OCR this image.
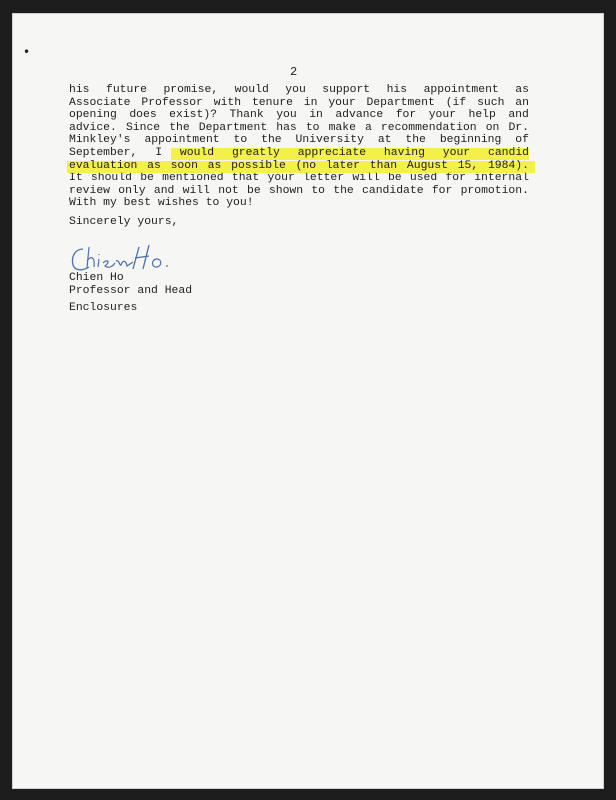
•
2
his future promise, would you support his appointment as
Associate Professor with tenure in your Department (if such an
opening does exist)? Thank you in advance for your help and
advice. Since the Department has to make a recommendation on Dr.
Minkley's appointment to the University at the beginning of
September, I would greatly appreciate having your candid
evaluation as soon as possible (no later than August 15, 1984).
It should be mentioned that your letter will be used for internal
review only and will not be shown to the candidate for promotion.
With my best wishes to you!
Sincerely yours,
Chien Ho
Professor and Head
Enclosures
